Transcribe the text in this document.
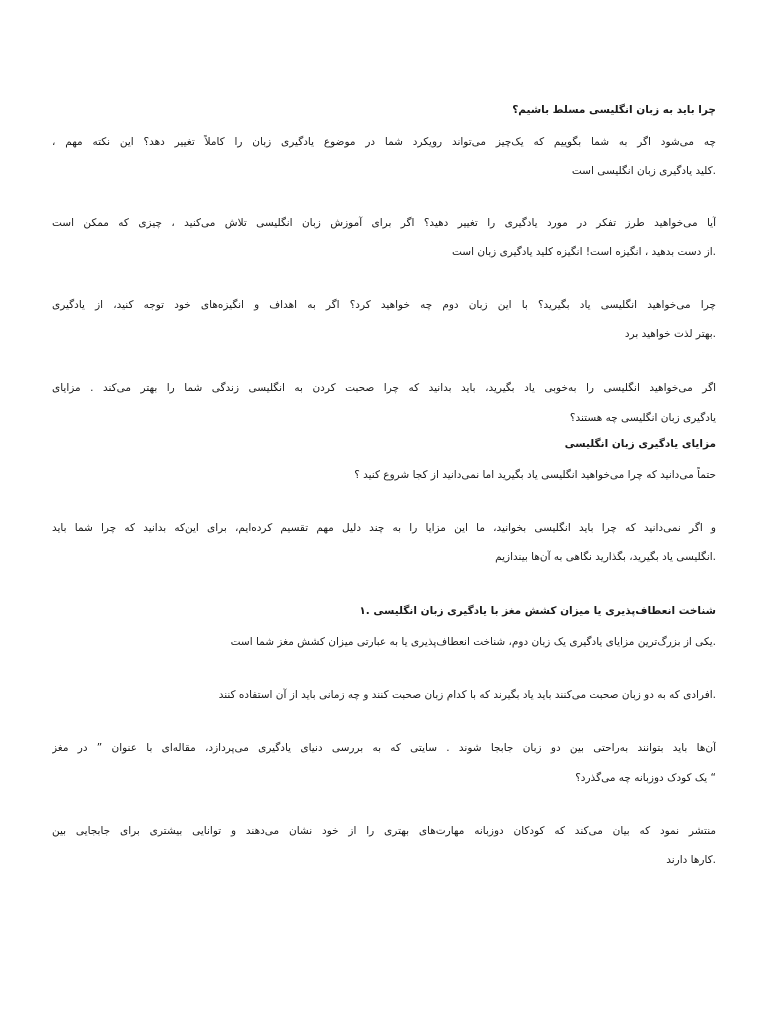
چرا باید به زبان انگلیسی مسلط باشیم؟
چه می‌شود اگر به شما بگوییم که یک‌چیز می‌تواند رویکرد شما در موضوع یادگیری زبان را کاملاً تغییر دهد؟ این نکته مهم ،
.کلید یادگیری زبان انگلیسی است
آیا می‌خواهید طرز تفکر در مورد یادگیری را تغییر دهید؟ اگر برای آموزش زبان انگلیسی تلاش می‌کنید ، چیزی که ممکن است
.از دست بدهید ، انگیزه است! انگیزه کلید یادگیری زبان است
چرا می‌خواهید انگلیسی یاد بگیرید؟ با این زبان دوم چه خواهید کرد؟ اگر به اهداف و انگیزه‌های خود توجه کنید، از یادگیری
.بهتر لذت خواهید برد
اگر می‌خواهید انگلیسی را به‌خوبی یاد بگیرید، باید بدانید که چرا صحبت کردن به انگلیسی زندگی شما را بهتر می‌کند . مزایای
یادگیری زبان انگلیسی چه هستند؟
مزایای یادگیری زبان انگلیسی
حتماً می‌دانید که چرا می‌خواهید انگلیسی یاد بگیرید اما نمی‌دانید از کجا شروع کنید ؟
و اگر نمی‌دانید که چرا باید انگلیسی بخوانید، ما این مزایا را به چند دلیل مهم تقسیم کرده‌ایم، برای این‌که بدانید که چرا شما باید
.انگلیسی یاد بگیرید، بگذارید نگاهی به آن‌ها بیندازیم
شناخت انعطاف‌پذیری یا میزان کشش مغز با یادگیری زبان انگلیسی .۱
.یکی از بزرگ‌ترین مزایای یادگیری یک زبان دوم، شناخت انعطاف‌پذیری یا به عبارتی میزان کشش مغز شما است
.افرادی که به دو زبان صحبت می‌کنند باید یاد بگیرند که با کدام زبان صحبت کنند و چه زمانی باید از آن استفاده کنند
آن‌ها باید بتوانند به‌راحتی بین دو زبان جابجا شوند . سایتی که به بررسی دنیای یادگیری می‌پردازد، مقاله‌ای با عنوان ” در مغز
“ یک کودک دوزبانه چه می‌گذرد؟
منتشر نمود که بیان می‌کند که کودکان دوزبانه مهارت‌های بهتری را از خود نشان می‌دهند و توانایی بیشتری برای جابجایی بین
.کارها دارند
